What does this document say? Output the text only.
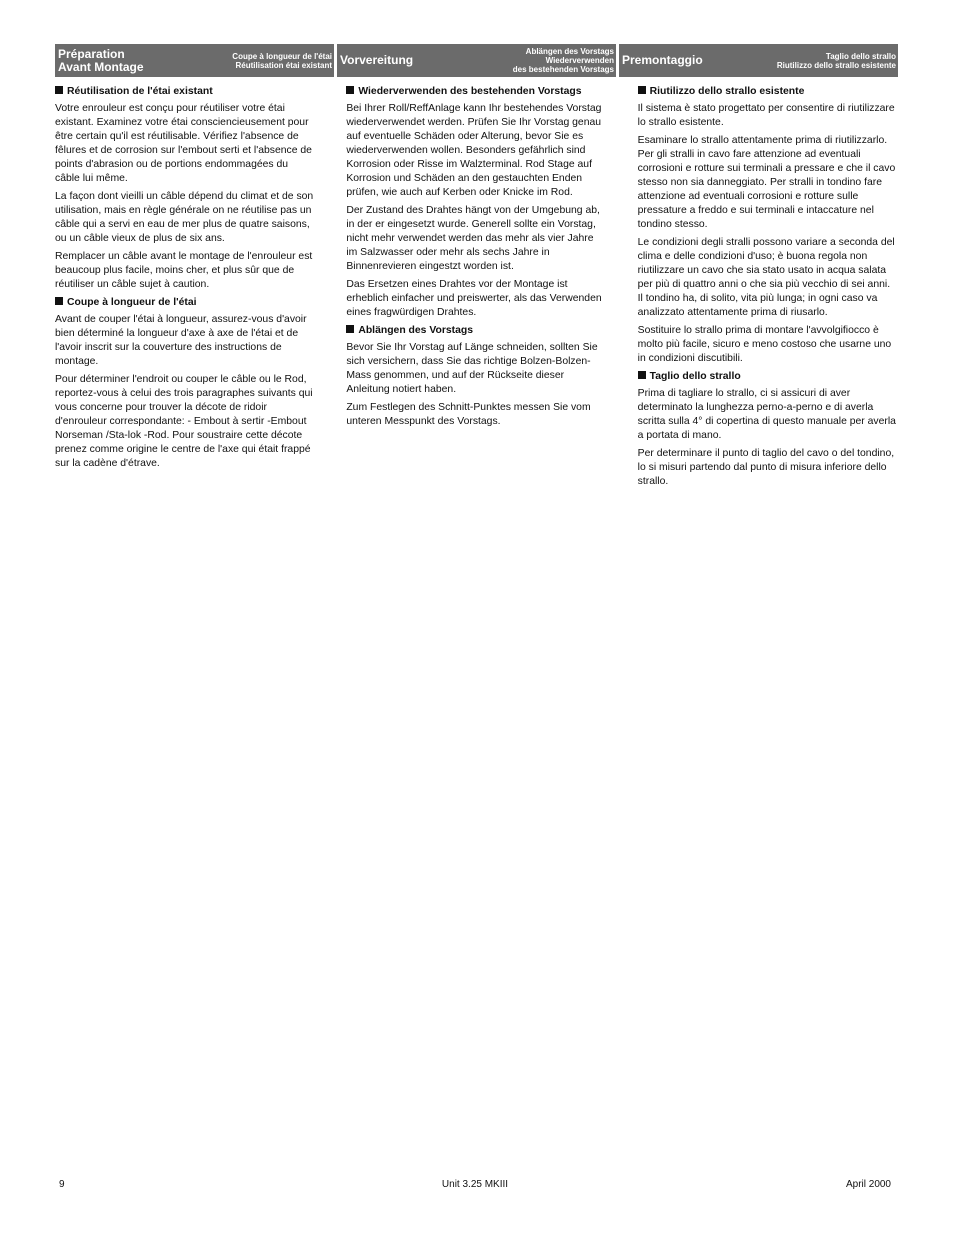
Préparation
Avant Montage
Coupe à longueur de l'étai
Réutilisation étai existant Vorvereitung
Ablängen des Vorstags
Wiederverwenden
des bestehenden Vorstags
Premontaggio	Taglio dello strallo
Riutilizzo dello strallo esistente
Réutilisation de l'étai existant

Votre enrouleur est conçu pour réutiliser votre étai existant. Examinez votre étai consciencieusement pour être certain qu'il est réutilisable. Vérifiez l'absence de fêlures et de corrosion sur l'embout serti et l'absence de points d'abrasion ou de portions endommagées du câble lui même.

La façon dont vieilli un câble dépend du climat et de son utilisation, mais en règle générale on ne réutilise pas un câble qui a servi en eau de mer plus de quatre saisons, ou un câble vieux de plus de six ans.

Remplacer un câble avant le montage de l'enrouleur est beaucoup plus facile, moins cher, et plus sûr que de réutiliser un câble sujet à caution.

Coupe à longueur de l'étai

Avant de couper l'étai à longueur, assurez-vous d'avoir bien déterminé la longueur d'axe à axe de l'étai et de l'avoir inscrit sur la couverture des instructions de montage.

Pour déterminer l'endroit ou couper le câble ou le Rod, reportez-vous à celui des trois paragraphes suivants qui vous concerne pour trouver la décote de ridoir d'enrouleur correspondante: - Embout à sertir -Embout Norseman /Sta-lok -Rod. Pour soustraire cette décote prenez comme origine le centre de l'axe qui était frappé sur la cadène d'étrave.

Wiederverwenden des bestehenden Vorstags

Bei Ihrer Roll/ReffAnlage kann Ihr bestehendes Vorstag wiederverwendet werden. Prüfen Sie Ihr Vorstag genau auf eventuelle Schäden oder Alterung, bevor Sie es wiederverwenden wollen. Besonders gefährlich sind Korrosion oder Risse im Walzterminal. Rod Stage auf Korrosion und Schäden an den gestauchten Enden prüfen, wie auch auf Kerben oder Knicke im Rod.

Der Zustand des Drahtes hängt von der Umgebung ab, in der er eingesetzt wurde. Generell sollte ein Vorstag, nicht mehr verwendet werden das mehr als vier Jahre im Salzwasser oder mehr als sechs Jahre in Binnenrevieren eingestzt worden ist.

Das Ersetzen eines Drahtes vor der Montage ist erheblich einfacher und preiswerter, als das Verwenden eines fragwürdigen Drahtes.

Ablängen des Vorstags

Bevor Sie Ihr Vorstag auf Länge schneiden, sollten Sie sich versichern, dass Sie das richtige Bolzen-Bolzen-Mass genommen, und auf der Rückseite dieser Anleitung notiert haben.

Zum Festlegen des Schnitt-Punktes messen Sie vom unteren Messpunkt des Vorstags.

Riutilizzo dello strallo esistente

Il sistema è stato progettato per consentire di riutilizzare lo strallo esistente.

Esaminare lo strallo attentamente prima di riutilizzarlo. Per gli stralli in cavo fare attenzione ad eventuali corrosioni e rotture sui terminali a pressare e che il cavo stesso non sia danneggiato. Per stralli in tondino fare attenzione ad eventuali corrosioni e rotture sulle pressature a freddo e sui terminali e intaccature nel tondino stesso.

Le condizioni degli stralli possono variare a seconda del clima e delle condizioni d'uso; è buona regola non riutilizzare un cavo che sia stato usato in acqua salata per più di quattro anni o che sia più vecchio di sei anni. Il tondino ha, di solito, vita più lunga; in ogni caso va analizzato attentamente prima di riusarlo.

Sostituire lo strallo prima di montare l'avvolgifiocco è molto più facile, sicuro e meno costoso che usarne uno in condizioni discutibili.

Taglio dello strallo

Prima di tagliare lo strallo, ci si assicuri di aver determinato la lunghezza perno-a-perno e di averla scritta sulla 4° di copertina di questo manuale per averla a portata di mano.

Per determinare il punto di taglio del cavo o del tondino, lo si misuri partendo dal punto di misura inferiore dello strallo.

9	Unit 3.25 MKIII	April 2000
